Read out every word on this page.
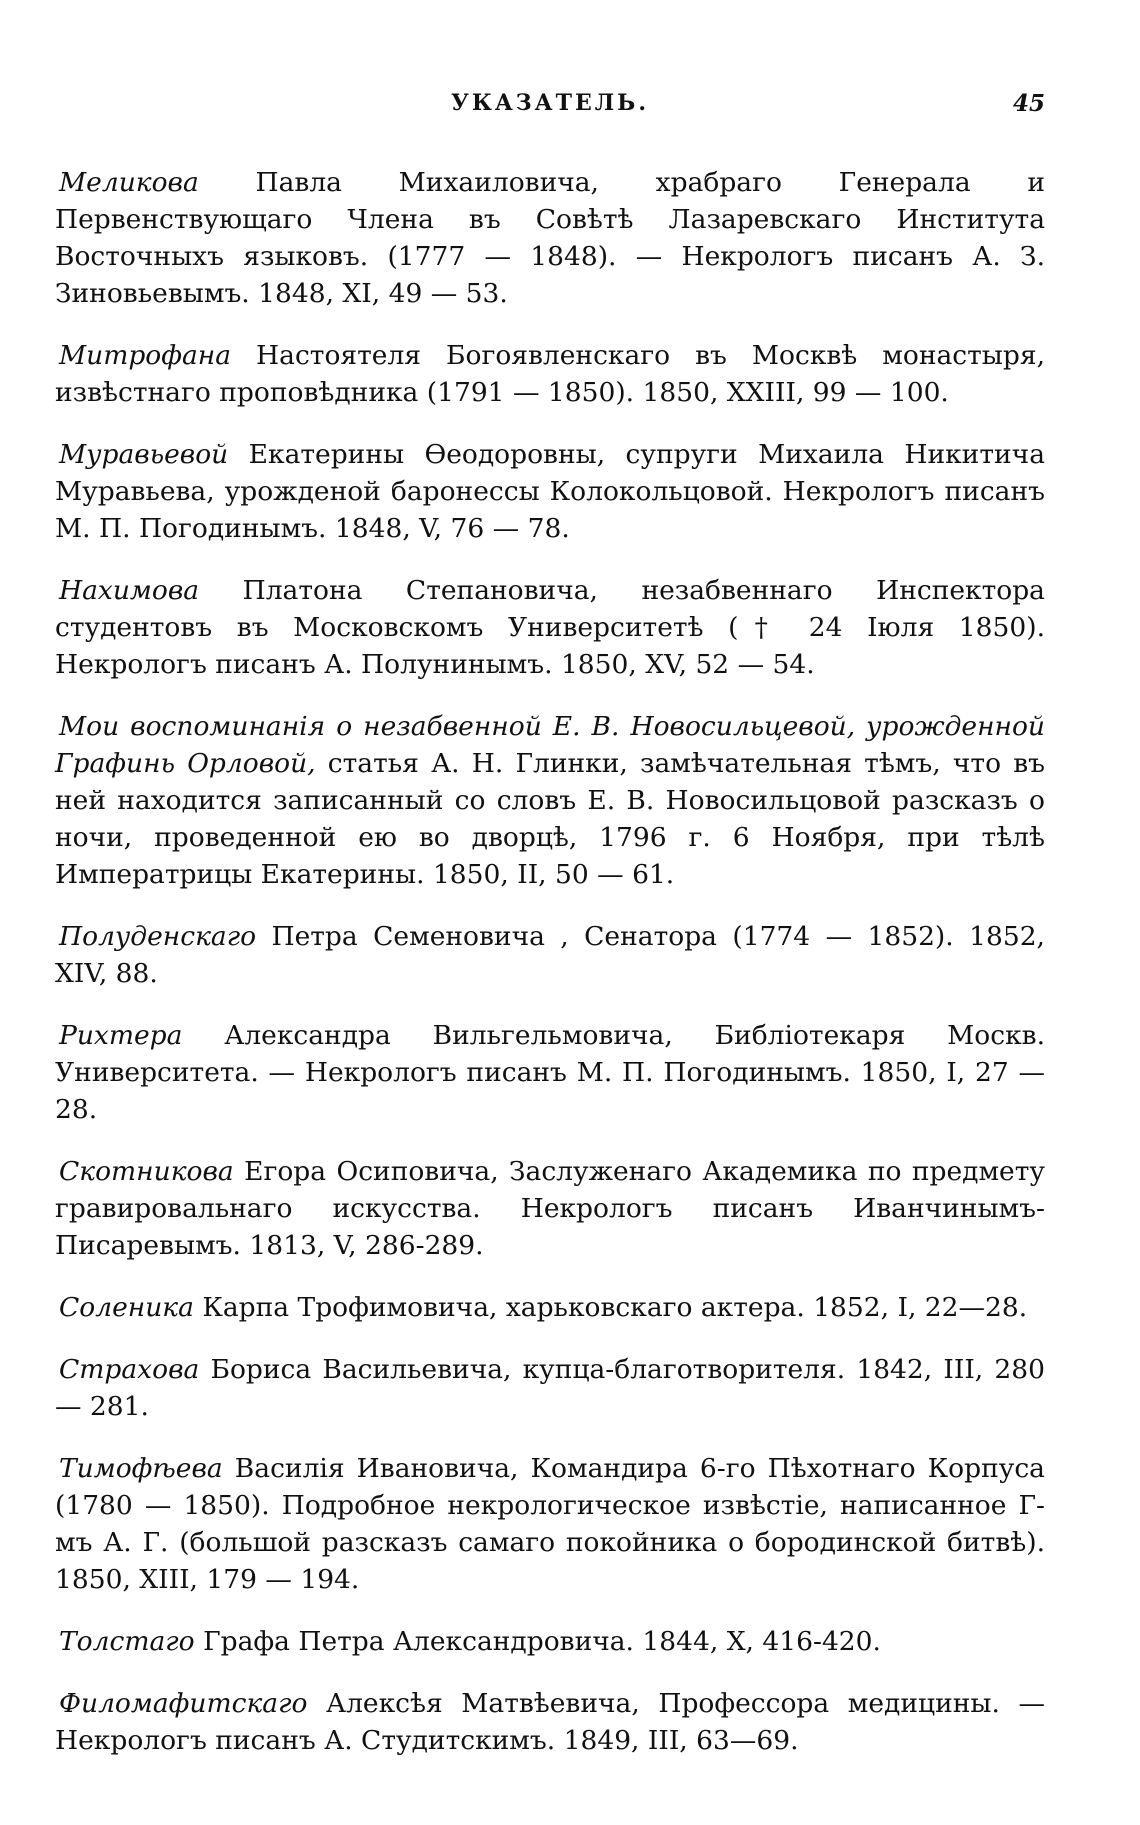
УКАЗАТЕЛЬ.	45

Меликова Павла Михаиловича, храбраго Генерала и Первенствующаго Члена въ Совѣтѣ Лазаревскаго Института Восточныхъ языковъ. (1777 — 1848). — Некрологъ писанъ А. З. Зиновьевымъ. 1848, XI, 49 — 53.

Митрофана Настоятеля Богоявленскаго въ Москвѣ монастыря, извѣстнаго проповѣдника (1791 — 1850). 1850, XXIII, 99 — 100.

Муравьевой Екатерины Ѳеодоровны, супруги Михаила Никитича Муравьева, урожденой баронессы Колокольцовой. Некрологъ писанъ М. П. Погодинымъ. 1848, V, 76 — 78.

Нахимова Платона Степановича, незабвеннаго Инспектора студентовъ въ Московскомъ Университетѣ († 24 Іюля 1850). Некрологъ писанъ А. Полунинымъ. 1850, XV, 52 — 54.

Мои воспоминанія о незабвенной Е. В. Новосильцевой, урожденной Графинь Орловой, статья А. Н. Глинки, замѣчательная тѣмъ, что въ ней находится записанный со словъ Е. В. Новосильцовой разсказъ о ночи, проведенной ею во дворцѣ, 1796 г. 6 Ноября, при тѣлѣ Императрицы Екатерины. 1850, II, 50 — 61.

Полуденскаго Петра Семеновича , Сенатора (1774 — 1852). 1852, XIV, 88.

Рихтера Александра Вильгельмовича, Библіотекаря Москв. Университета. — Некрологъ писанъ М. П. Погодинымъ. 1850, I, 27 — 28.

Скотникова Егора Осиповича, Заслуженаго Академика по предмету гравировальнаго искусства. Некрологъ писанъ Иванчинымъ-Писаревымъ. 1813, V, 286-289.

Соленика Карпа Трофимовича, харьковскаго актера. 1852, I, 22—28.

Страхова Бориса Васильевича, купца-благотворителя. 1842, III, 280 — 281.

Тимофѣева Василія Ивановича, Командира 6-го Пѣхотнаго Корпуса (1780 — 1850). Подробное некрологическое извѣстіе, написанное Г-мъ А. Г. (большой разсказъ самаго покойника о бородинской битвѣ). 1850, XIII, 179 — 194.

Толстаго Графа Петра Александровича. 1844, X, 416-420.

Филомафитскаго Алексѣя Матвѣевича, Профессора медицины. — Некрологъ писанъ А. Студитскимъ. 1849, III, 63—69.
